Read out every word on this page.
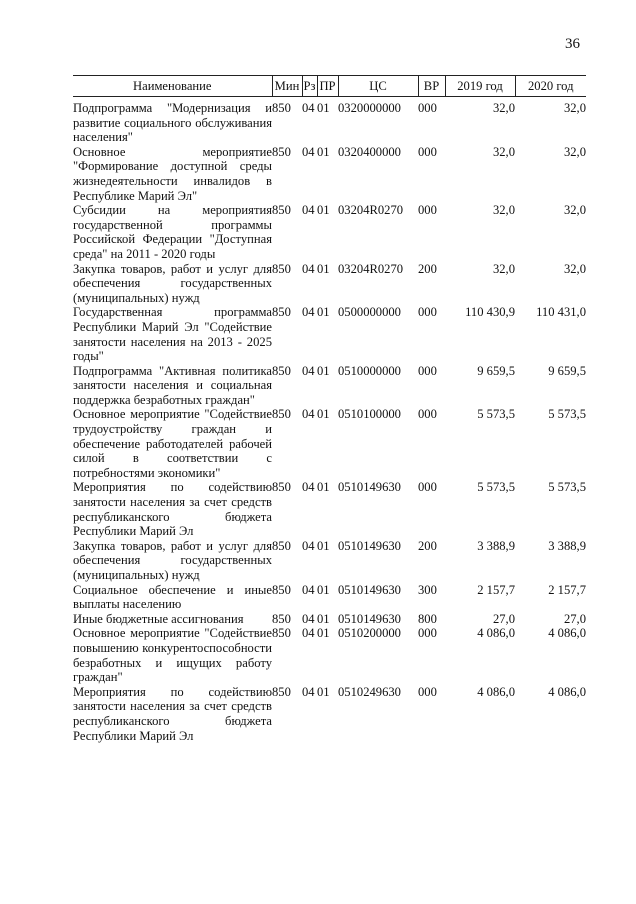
36
Наименование	Мин	Рз	ПР	ЦС	ВР	2019 год	2020 год
Подпрограмма "Модернизация и развитие социального обслуживания населения"	850	04	01	0320000000	000	32,0	32,0
Основное мероприятие "Формирование доступной среды жизнедеятельности инвалидов в Республике Марий Эл"	850	04	01	0320400000	000	32,0	32,0
Субсидии на мероприятия государственной программы Российской Федерации "Доступная среда" на 2011 - 2020 годы	850	04	01	03204R0270	000	32,0	32,0
Закупка товаров, работ и услуг для обеспечения государственных (муниципальных) нужд	850	04	01	03204R0270	200	32,0	32,0
Государственная программа Республики Марий Эл "Содействие занятости населения на 2013 - 2025 годы"	850	04	01	0500000000	000	110 430,9	110 431,0
Подпрограмма "Активная политика занятости населения и социальная поддержка безработных граждан"	850	04	01	0510000000	000	9 659,5	9 659,5
Основное мероприятие "Содействие трудоустройству граждан и обеспечение работодателей рабочей силой в соответствии с потребностями экономики"	850	04	01	0510100000	000	5 573,5	5 573,5
Мероприятия по содействию занятости населения за счет средств республиканского бюджета Республики Марий Эл	850	04	01	0510149630	000	5 573,5	5 573,5
Закупка товаров, работ и услуг для обеспечения государственных (муниципальных) нужд	850	04	01	0510149630	200	3 388,9	3 388,9
Социальное обеспечение и иные выплаты населению	850	04	01	0510149630	300	2 157,7	2 157,7
Иные бюджетные ассигнования	850	04	01	0510149630	800	27,0	27,0
Основное мероприятие "Содействие повышению конкурентоспособности безработных и ищущих работу граждан"	850	04	01	0510200000	000	4 086,0	4 086,0
Мероприятия по содействию занятости населения за счет средств республиканского бюджета Республики Марий Эл	850	04	01	0510249630	000	4 086,0	4 086,0
